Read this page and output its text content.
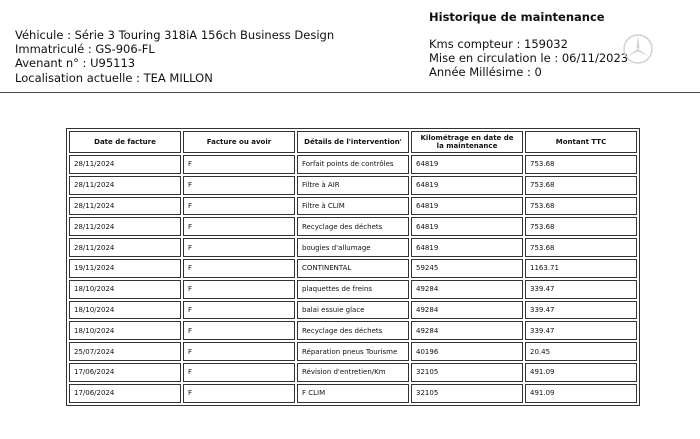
Véhicule : Série 3 Touring 318iA 156ch Business Design
Immatriculé : GS-906-FL
Avenant n° : U95113
Localisation actuelle : TEA MILLON
Historique de maintenance
Kms compteur : 159032
Mise en circulation le : 06/11/2023
Année Millésime : 0
Date de facture	Facture ou avoir	Détails de l'intervention'	Kilométrage en date de la maintenance	Montant TTC
28/11/2024	F	Forfait points de contrôles	64819	753.68
28/11/2024	F	Filtre à AIR	64819	753.68
28/11/2024	F	Filtre à CLIM	64819	753.68
28/11/2024	F	Recyclage des déchets	64819	753.68
28/11/2024	F	bougies d'allumage	64819	753.68
19/11/2024	F	CONTINENTAL	59245	1163.71
18/10/2024	F	plaquettes de freins	49284	339.47
18/10/2024	F	balai essuie glace	49284	339.47
18/10/2024	F	Recyclage des déchets	49284	339.47
25/07/2024	F	Réparation pneus Tourisme	40196	20.45
17/06/2024	F	Révision d'entretien/Km	32105	491.09
17/06/2024	F	F CLIM	32105	491.09
